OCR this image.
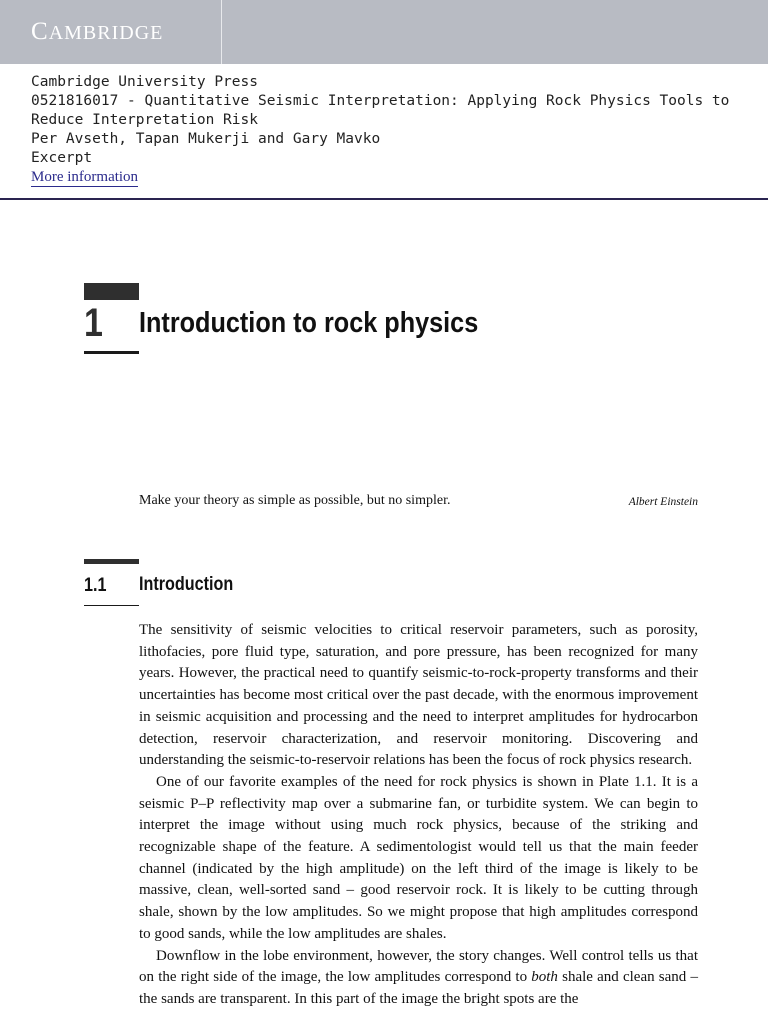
CAMBRIDGE
Cambridge University Press
0521816017 - Quantitative Seismic Interpretation: Applying Rock Physics Tools to Reduce Interpretation Risk
Per Avseth, Tapan Mukerji and Gary Mavko
Excerpt
More information
1 Introduction to rock physics
Make your theory as simple as possible, but no simpler.	Albert Einstein
1.1 Introduction

The sensitivity of seismic velocities to critical reservoir parameters, such as porosity, lithofacies, pore fluid type, saturation, and pore pressure, has been recognized for many years. However, the practical need to quantify seismic-to-rock-property transforms and their uncertainties has become most critical over the past decade, with the enormous improvement in seismic acquisition and processing and the need to interpret amplitudes for hydrocarbon detection, reservoir characterization, and reservoir monitoring. Discovering and understanding the seismic-to-reservoir relations has been the focus of rock physics research.

One of our favorite examples of the need for rock physics is shown in Plate 1.1. It is a seismic P–P reflectivity map over a submarine fan, or turbidite system. We can begin to interpret the image without using much rock physics, because of the striking and recognizable shape of the feature. A sedimentologist would tell us that the main feeder channel (indicated by the high amplitude) on the left third of the image is likely to be massive, clean, well-sorted sand – good reservoir rock. It is likely to be cutting through shale, shown by the low amplitudes. So we might propose that high amplitudes correspond to good sands, while the low amplitudes are shales.

Downflow in the lobe environment, however, the story changes. Well control tells us that on the right side of the image, the low amplitudes correspond to both shale and clean sand – the sands are transparent. In this part of the image the bright spots are the
